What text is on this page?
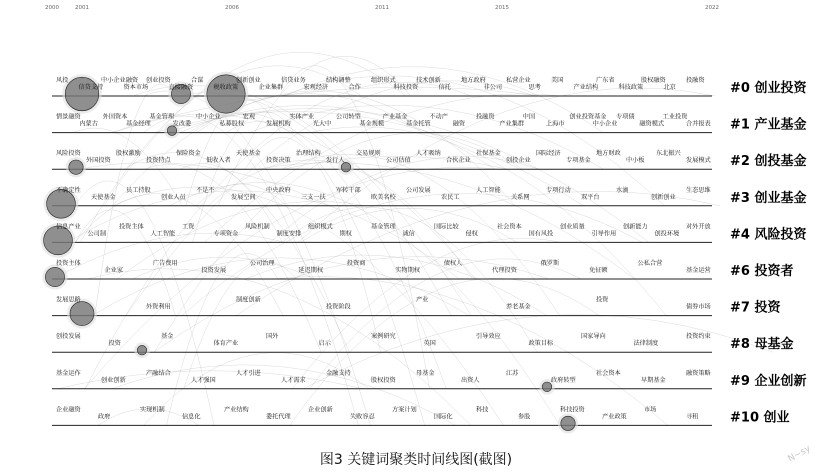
2000	2001	2006	2011	2015	2022
风投
信贷支持
中小企业融资
资本市场
创业投资
直接融资
合谋
税收政策
创新创业
企业集群
信贷业务
宏观经济
结构调整
合作
组织形式
科技投资
技术创新
信托
地方政府
非公司
私营企业
思考
美国
产业结构
广东省
科技政策
股权融资
北京
投融资
情景融资
内蒙古
外国资本
基金经理
基金管理
发改委
中小企业
私募股权
宏观
发展机构
实体产业
光大中
公司转型
基金规模
产业基金
基金托管
不动产
融资
投融资
产业集群
中国
上海市
创业投资基金
中小企业
专项债
融资模式
工业投资
合并报表
风险投资
外国投资
股权激励
投资特点
保险资金
低收入者
天使基金
投资决策
治理结构
发行人
交易规则
公司估值
人才吸纳
合伙企业
社保基金
创投企业
国际经济
专项基金
地方财政
中小板
东北振兴
发展模式
不确定性
天使基金
员工持股
创业人员
不是不
发展空间
中央政府
三支一扶
军转干部
欧美名校
公司发展
农民工
人工智能
关系网
专项行动
双平台
水滴
创新创业
生态思维
信息产业
公司制
投资主体
人工智能
工资
专项资金
风险机制
制度安排
组织模式
期权
基金管理
诚信
国际比较
侵权
社会资本
国有风投
创业质量
引导作用
创新能力
创投环境
对外开放
投资主体
企业家
广告费用
投资发展
公司治理
延迟期权
投资商
实物期权
债权人
代理投资
俄罗斯
免征额
公私合营
基金运营
发展思路
外资利用
制度创新
投资阶段
产业
养老基金
投资
债券市场
创投发展
投资
基金
体育产业
国外
启示
案例研究
英国
引导效应
政策目标
国家导向
法律制度
投资约束
基金运作
创业创新
产融结合
人才强国
人才引进
人才需求
金融支持
股权投资
母基金
出资人
江苏
政府转型
社会资本
早期基金
融资策略
企业融资
政府
实现机制
信息化
产业结构
委托代理
企业创新
失败容忍
方案计划
国际化
科技
参股
科技投资
产业政策
市场
寻租
#0 创业投资
#1 产业基金
#2 创投基金
#3 创业基金
#4 风险投资
#6 投资者
#7 投资
#8 母基金
#9 企业创新
#10 创业
图3 关键词聚类时间线图(截图)	N~sy
